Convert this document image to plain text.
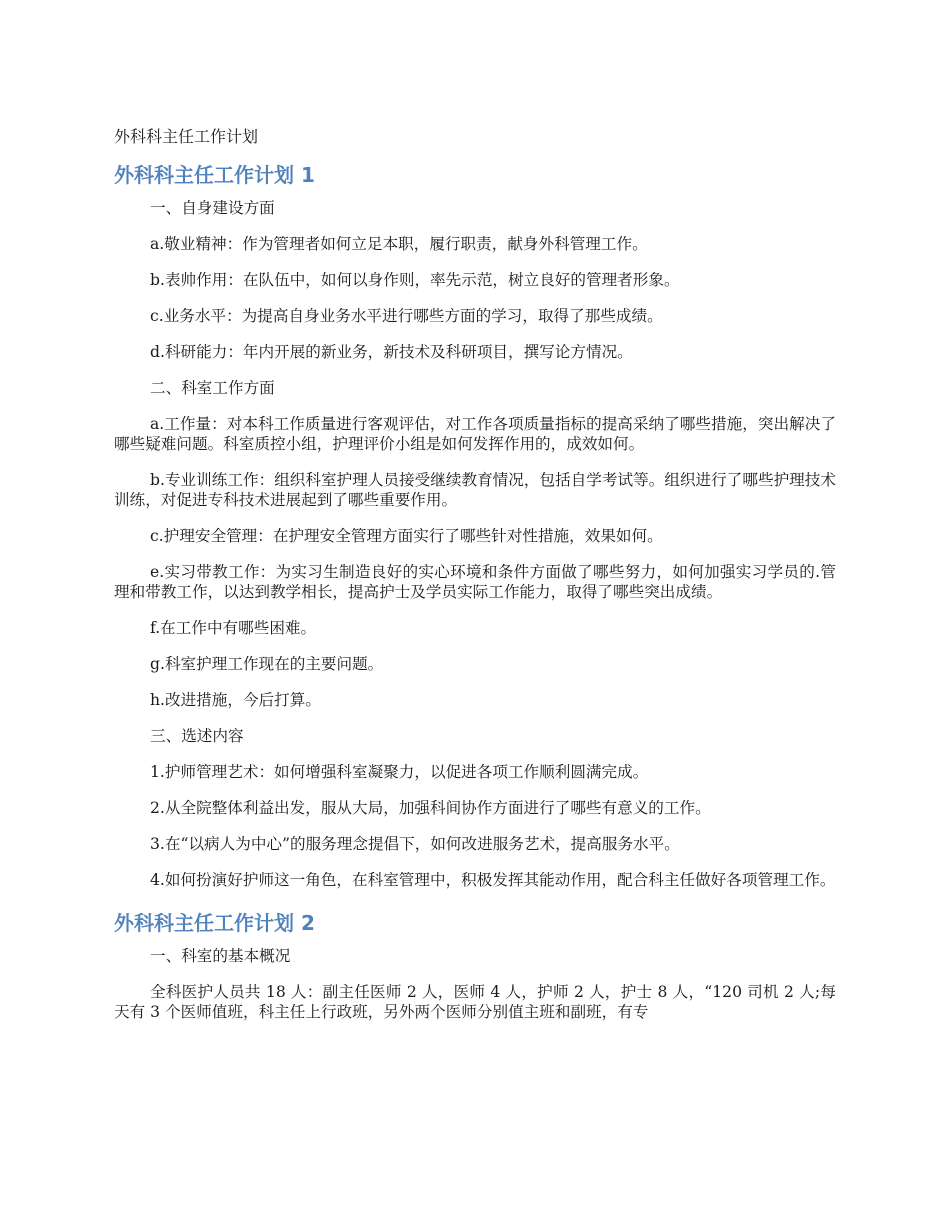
外科科主任工作计划
外科科主任工作计划 1

一、自身建设方面

a.敬业精神：作为管理者如何立足本职，履行职责，献身外科管理工作。

b.表帅作用：在队伍中，如何以身作则，率先示范，树立良好的管理者形象。

c.业务水平：为提高自身业务水平进行哪些方面的学习，取得了那些成绩。

d.科研能力：年内开展的新业务，新技术及科研项目，撰写论方情况。

二、科室工作方面

a.工作量：对本科工作质量进行客观评估，对工作各项质量指标的提高采纳了哪些措施，突出解决了哪些疑难问题。科室质控小组，护理评价小组是如何发挥作用的，成效如何。

b.专业训练工作：组织科室护理人员接受继续教育情况，包括自学考试等。组织进行了哪些护理技术训练，对促进专科技术进展起到了哪些重要作用。

c.护理安全管理：在护理安全管理方面实行了哪些针对性措施，效果如何。

e.实习带教工作：为实习生制造良好的实心环境和条件方面做了哪些努力，如何加强实习学员的.管理和带教工作，以达到教学相长，提高护士及学员实际工作能力，取得了哪些突出成绩。

f.在工作中有哪些困难。

g.科室护理工作现在的主要问题。

h.改进措施，今后打算。

三、选述内容

1.护师管理艺术：如何增强科室凝聚力，以促进各项工作顺利圆满完成。

2.从全院整体利益出发，服从大局，加强科间协作方面进行了哪些有意义的工作。

3.在“以病人为中心”的服务理念提倡下，如何改进服务艺术，提高服务水平。

4.如何扮演好护师这一角色，在科室管理中，积极发挥其能动作用，配合科主任做好各项管理工作。

外科科主任工作计划 2

一、科室的基本概况

全科医护人员共 18 人：副主任医师 2 人，医师 4 人，护师 2 人，护士 8 人，“120 司机 2 人;每天有 3 个医师值班，科主任上行政班，另外两个医师分别值主班和副班，有专
